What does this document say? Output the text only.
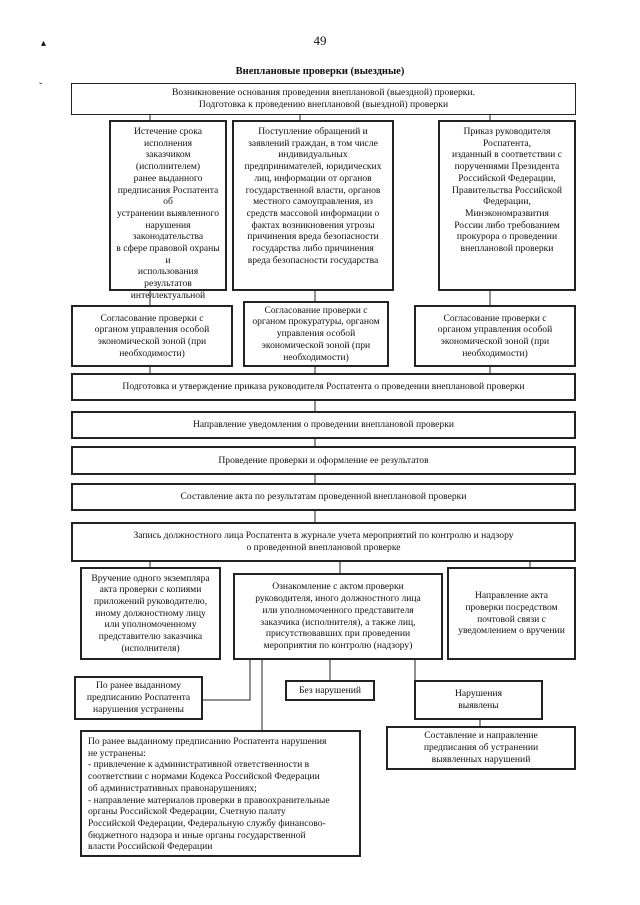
49
▴
ˇ
Внеплановые проверки (выездные)
Возникновение основания проведения внеплановой (выездной) проверки.
Подготовка к проведению внеплановой (выездной) проверки
Истечение срока исполнения
заказчиком (исполнителем)
ранее выданного
предписания Роспатента об
устранении выявленного
нарушения законодательства
в сфере правовой охраны и
использования результатов
интеллектуальной

Поступление обращений и
заявлений граждан, в том числе
индивидуальных
предпринимателей, юридических
лиц, информации от органов
государственной власти, органов
местного самоуправления, из
средств массовой информации о
фактах возникновения угрозы
причинения вреда безопасности
государства либо причинения
вреда безопасности государства
Приказ руководителя Роспатента,
изданный в соответствии с
поручениями Президента
Российской Федерации,
Правительства Российской
Федерации, Минэкономразвития
России либо требованием
прокурора о проведении
внеплановой проверки
Согласование проверки с
органом управления особой
экономической зоной (при
необходимости)
Согласование проверки с
органом прокуратуры, органом
управления особой
экономической зоной (при
необходимости)
Согласование проверки с
органом управления особой
экономической зоной (при
необходимости)
Подготовка и утверждение приказа руководителя Роспатента о проведении внеплановой проверки
Направление уведомления о проведении внеплановой проверки
Проведение проверки и оформление ее результатов
Составление акта по результатам проведенной внеплановой проверки
Запись должностного лица Роспатента в журнале учета мероприятий по контролю и надзору
о проведенной внеплановой проверке
Вручение одного экземпляра
акта проверки с копиями
приложений руководителю,
иному должностному лицу
или уполномоченному
представителю заказчика
(исполнителя)
Ознакомление с актом проверки
руководителя, иного должностного лица
или уполномоченного представителя
заказчика (исполнителя), а также лиц,
присутствовавших при проведении
мероприятия по контролю (надзору)
Направление акта
проверки посредством
почтовой связи с
уведомлением о вручении
По ранее выданному
предписанию Роспатента
нарушения устранены
Без нарушений	Нарушения
выявлены
По ранее выданному предписанию Роспатента нарушения
не устранены:
- привлечение к административной ответственности в
соответствии с нормами Кодекса Российской Федерации
об административных правонарушениях;
- направление материалов проверки в правоохранительные
органы Российской Федерации, Счетную палату
Российской Федерации, Федеральную службу финансово-
бюджетного надзора и иные органы государственной
власти Российской Федерации
Составление и направление
предписания об устранении
выявленных нарушений
